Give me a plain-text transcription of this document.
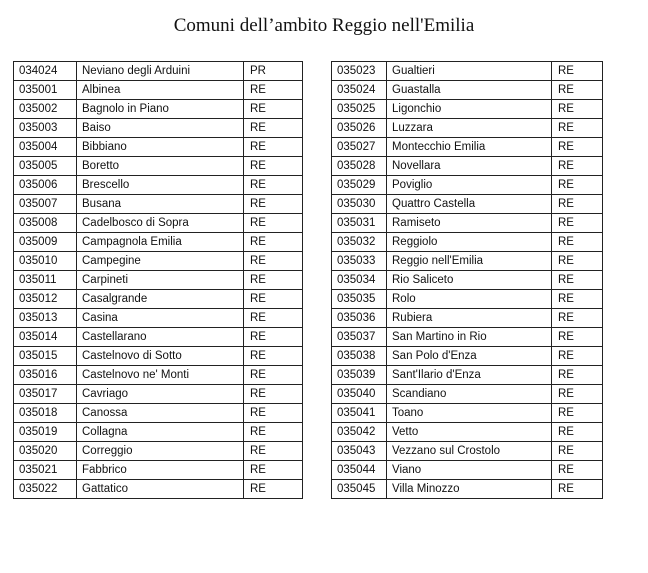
Comuni dell’ambito Reggio nell'Emilia
034024	Neviano degli Arduini	PR
035001	Albinea	RE
035002	Bagnolo in Piano	RE
035003	Baiso	RE
035004	Bibbiano	RE
035005	Boretto	RE
035006	Brescello	RE
035007	Busana	RE
035008	Cadelbosco di Sopra	RE
035009	Campagnola Emilia	RE
035010	Campegine	RE
035011	Carpineti	RE
035012	Casalgrande	RE
035013	Casina	RE
035014	Castellarano	RE
035015	Castelnovo di Sotto	RE
035016	Castelnovo ne' Monti	RE
035017	Cavriago	RE
035018	Canossa	RE
035019	Collagna	RE
035020	Correggio	RE
035021	Fabbrico	RE
035022	Gattatico	RE
035023	Gualtieri	RE
035024	Guastalla	RE
035025	Ligonchio	RE
035026	Luzzara	RE
035027	Montecchio Emilia	RE
035028	Novellara	RE
035029	Poviglio	RE
035030	Quattro Castella	RE
035031	Ramiseto	RE
035032	Reggiolo	RE
035033	Reggio nell'Emilia	RE
035034	Rio Saliceto	RE
035035	Rolo	RE
035036	Rubiera	RE
035037	San Martino in Rio	RE
035038	San Polo d'Enza	RE
035039	Sant'Ilario d'Enza	RE
035040	Scandiano	RE
035041	Toano	RE
035042	Vetto	RE
035043	Vezzano sul Crostolo	RE
035044	Viano	RE
035045	Villa Minozzo	RE
